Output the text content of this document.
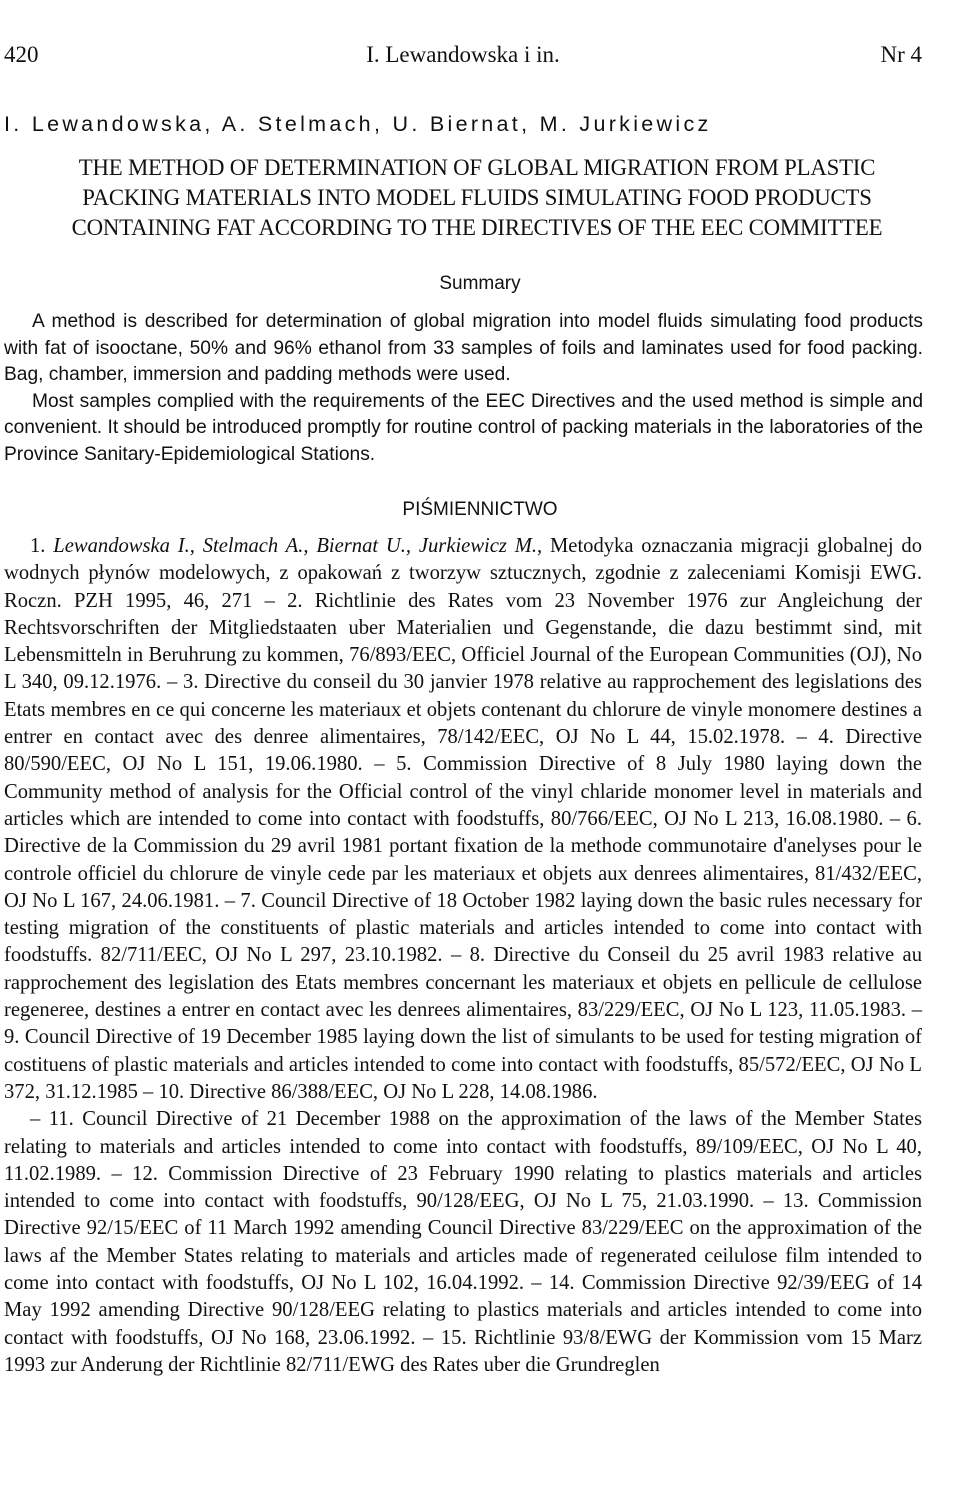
420	I. Lewandowska i in.	Nr 4
I. Lewandowska, A. Stelmach, U. Biernat, M. Jurkiewicz
THE METHOD OF DETERMINATION OF GLOBAL MIGRATION FROM PLASTIC
PACKING MATERIALS INTO MODEL FLUIDS SIMULATING FOOD PRODUCTS
CONTAINING FAT ACCORDING TO THE DIRECTIVES OF THE EEC COMMITTEE
Summary

A method is described for determination of global migration into model fluids simulating food products with fat of isooctane, 50% and 96% ethanol from 33 samples of foils and laminates used for food packing. Bag, chamber, immersion and padding methods were used.

Most samples complied with the requirements of the EEC Directives and the used method is simple and convenient. It should be introduced promptly for routine control of packing materials in the laboratories of the Province Sanitary-Epidemiological Stations.

PIŚMIENNICTWO

1. Lewandowska I., Stelmach A., Biernat U., Jurkiewicz M., Metodyka oznaczania migracji globalnej do wodnych płynów modelowych, z opakowań z tworzyw sztucznych, zgodnie z zaleceniami Komisji EWG. Roczn. PZH 1995, 46, 271 – 2. Richtlinie des Rates vom 23 November 1976 zur Angleichung der Rechtsvorschriften der Mitgliedstaaten uber Materialien und Gegenstande, die dazu bestimmt sind, mit Lebensmitteln in Beruhrung zu kommen, 76/893/EEC, Officiel Journal of the European Communities (OJ), No L 340, 09.12.1976. – 3. Directive du conseil du 30 janvier 1978 relative au rapprochement des legislations des Etats membres en ce qui concerne les materiaux et objets contenant du chlorure de vinyle monomere destines a entrer en contact avec des denree alimentaires, 78/142/EEC, OJ No L 44, 15.02.1978. – 4. Directive 80/590/EEC, OJ No L 151, 19.06.1980. – 5. Commission Directive of 8 July 1980 laying down the Community method of analysis for the Official control of the vinyl chlaride monomer level in materials and articles which are intended to come into contact with foodstuffs, 80/766/EEC, OJ No L 213, 16.08.1980. – 6. Directive de la Commission du 29 avril 1981 portant fixation de la methode communotaire d'anelyses pour le controle officiel du chlorure de vinyle cede par les materiaux et objets aux denrees alimentaires, 81/432/EEC, OJ No L 167, 24.06.1981. – 7. Council Directive of 18 October 1982 laying down the basic rules necessary for testing migration of the constituents of plastic materials and articles intended to come into contact with foodstuffs. 82/711/EEC, OJ No L 297, 23.10.1982. – 8. Directive du Conseil du 25 avril 1983 relative au rapprochement des legislation des Etats membres concernant les materiaux et objets en pellicule de cellulose regeneree, destines a entrer en contact avec les denrees alimentaires, 83/229/EEC, OJ No L 123, 11.05.1983. – 9. Council Directive of 19 December 1985 laying down the list of simulants to be used for testing migration of costituens of plastic materials and articles intended to come into contact with foodstuffs, 85/572/EEC, OJ No L 372, 31.12.1985 – 10. Directive 86/388/EEC, OJ No L 228, 14.08.1986.

– 11. Council Directive of 21 December 1988 on the approximation of the laws of the Member States relating to materials and articles intended to come into contact with foodstuffs, 89/109/EEC, OJ No L 40, 11.02.1989. – 12. Commission Directive of 23 February 1990 relating to plastics materials and articles intended to come into contact with foodstuffs, 90/128/EEG, OJ No L 75, 21.03.1990. – 13. Commission Directive 92/15/EEC of 11 March 1992 amending Council Directive 83/229/EEC on the approximation of the laws af the Member States relating to materials and articles made of regenerated ceilulose film intended to come into contact with foodstuffs, OJ No L 102, 16.04.1992. – 14. Commission Directive 92/39/EEG of 14 May 1992 amending Directive 90/128/EEG relating to plastics materials and articles intended to come into contact with foodstuffs, OJ No 168, 23.06.1992. – 15. Richtlinie 93/8/EWG der Kommission vom 15 Marz 1993 zur Anderung der Richtlinie 82/711/EWG des Rates uber die Grundreglen
